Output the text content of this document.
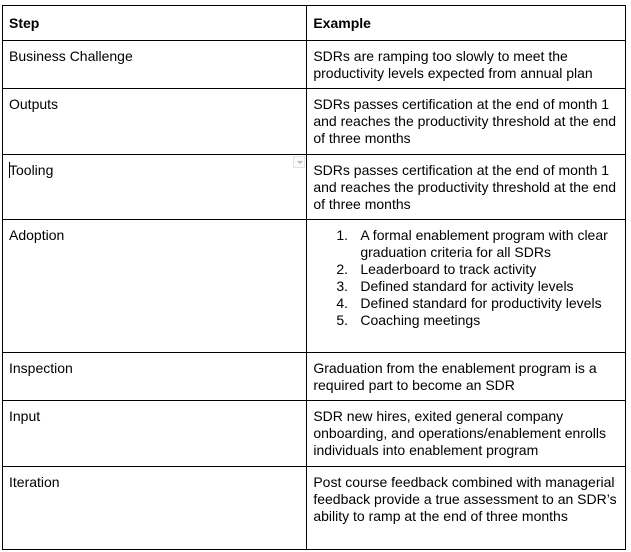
Step	Example
Business Challenge	SDRs are ramping too slowly to meet the productivity levels expected from annual plan
Outputs	SDRs passes certification at the end of month 1 and reaches the productivity threshold at the end of three months
Tooling	SDRs passes certification at the end of month 1 and reaches the productivity threshold at the end of three months
Adoption	1. A formal enablement program with clear graduation criteria for all SDRs
2. Leaderboard to track activity
3. Defined standard for activity levels
4. Defined standard for productivity levels
5. Coaching meetings

Inspection	Graduation from the enablement program is a required part to become an SDR
Input	SDR new hires, exited general company onboarding, and operations/enablement enrolls individuals into enablement program
Iteration	Post course feedback combined with managerial feedback provide a true assessment to an SDR’s ability to ramp at the end of three months
